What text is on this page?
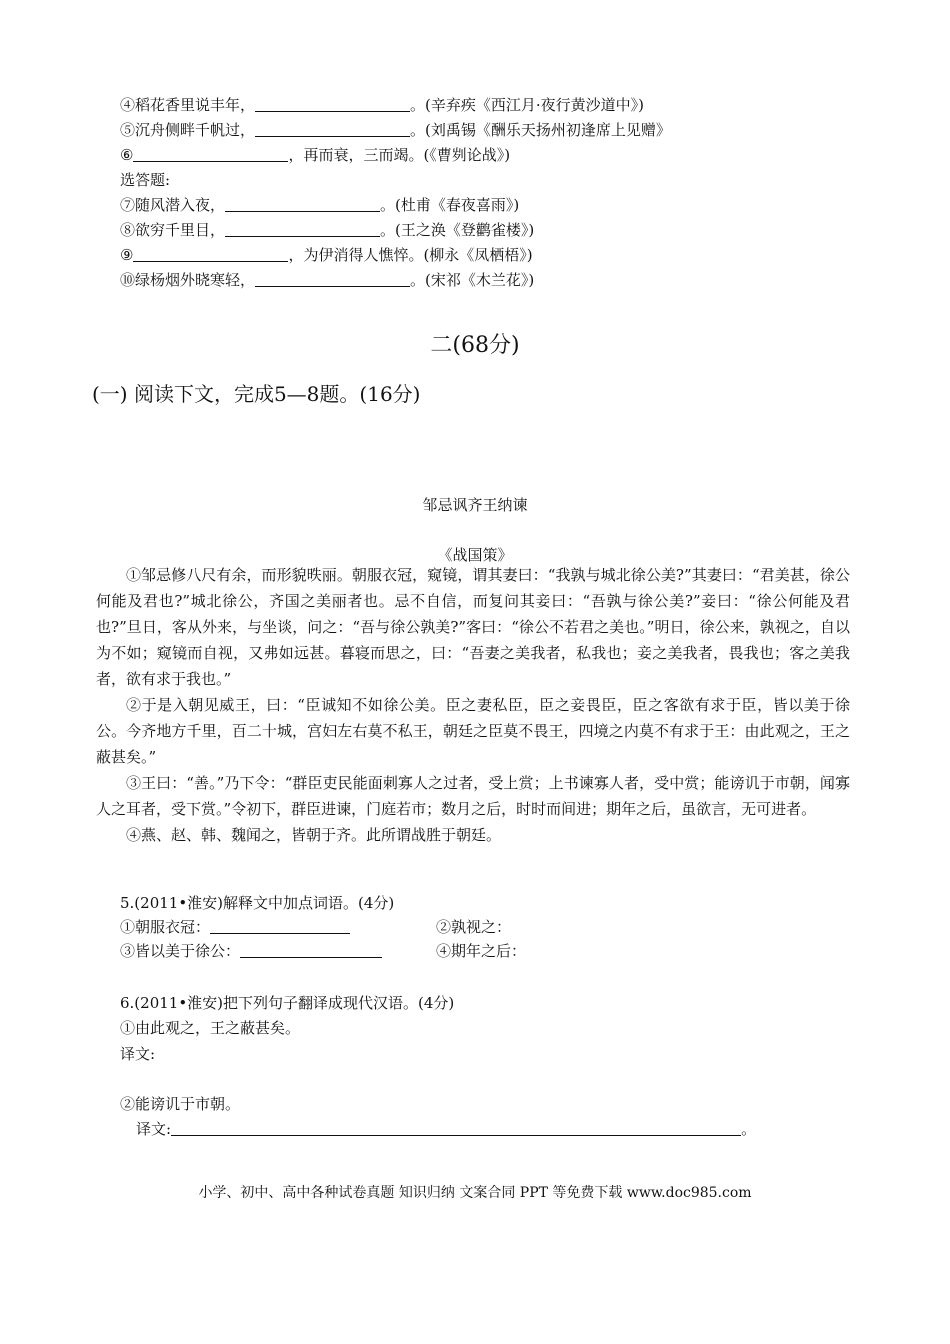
④稻花香里说丰年，	。(辛弃疾《西江月·夜行黄沙道中》)
⑤沉舟侧畔千帆过，	。(刘禹锡《酬乐天扬州初逢席上见赠》
⑥	，再而衰，三而竭。(《曹刿论战》)
选答题:
⑦随风潜入夜，	。(杜甫《春夜喜雨》)
⑧欲穷千里目，	。(王之涣《登鹳雀楼》)
⑨	，为伊消得人憔悴。(柳永《凤栖梧》)
⑩绿杨烟外晓寒轻，	。(宋祁《木兰花》)
二(68分)
(一) 阅读下文，完成5—8题。(16分)
邹忌讽齐王纳谏
《战国策》

①邹忌修八尺有余，而形貌昳丽。朝服衣冠，窥镜，谓其妻曰：“我孰与城北徐公美?”其妻曰：“君美甚，徐公何能及君也?”城北徐公，齐国之美丽者也。忌不自信，而复问其妾曰：“吾孰与徐公美?”妾曰：“徐公何能及君也?”旦日，客从外来，与坐谈，问之：“吾与徐公孰美?”客曰：“徐公不若君之美也。”明日，徐公来，孰视之，自以为不如；窥镜而自视，又弗如远甚。暮寝而思之，曰：“吾妻之美我者，私我也；妾之美我者，畏我也；客之美我者，欲有求于我也。”

②于是入朝见威王，曰：“臣诚知不如徐公美。臣之妻私臣，臣之妾畏臣，臣之客欲有求于臣，皆以美于徐公。今齐地方千里，百二十城，宫妇左右莫不私王，朝廷之臣莫不畏王，四境之内莫不有求于王：由此观之，王之蔽甚矣。”

③王曰：“善。”乃下令：“群臣吏民能面刺寡人之过者，受上赏；上书谏寡人者，受中赏；能谤讥于市朝，闻寡人之耳者，受下赏。”令初下，群臣进谏，门庭若市；数月之后，时时而间进；期年之后，虽欲言，无可进者。

④燕、赵、韩、魏闻之，皆朝于齐。此所谓战胜于朝廷。

5.(2011•淮安)解释文中加点词语。(4分)
①朝服衣冠：	②孰视之：
③皆以美于徐公：	④期年之后：
6.(2011•淮安)把下列句子翻译成现代汉语。(4分)
①由此观之，王之蔽甚矣。
译文:
②能谤讥于市朝。
译文:	。
小学、初中、高中各种试卷真题 知识归纳 文案合同 PPT 等免费下载 www.doc985.com
